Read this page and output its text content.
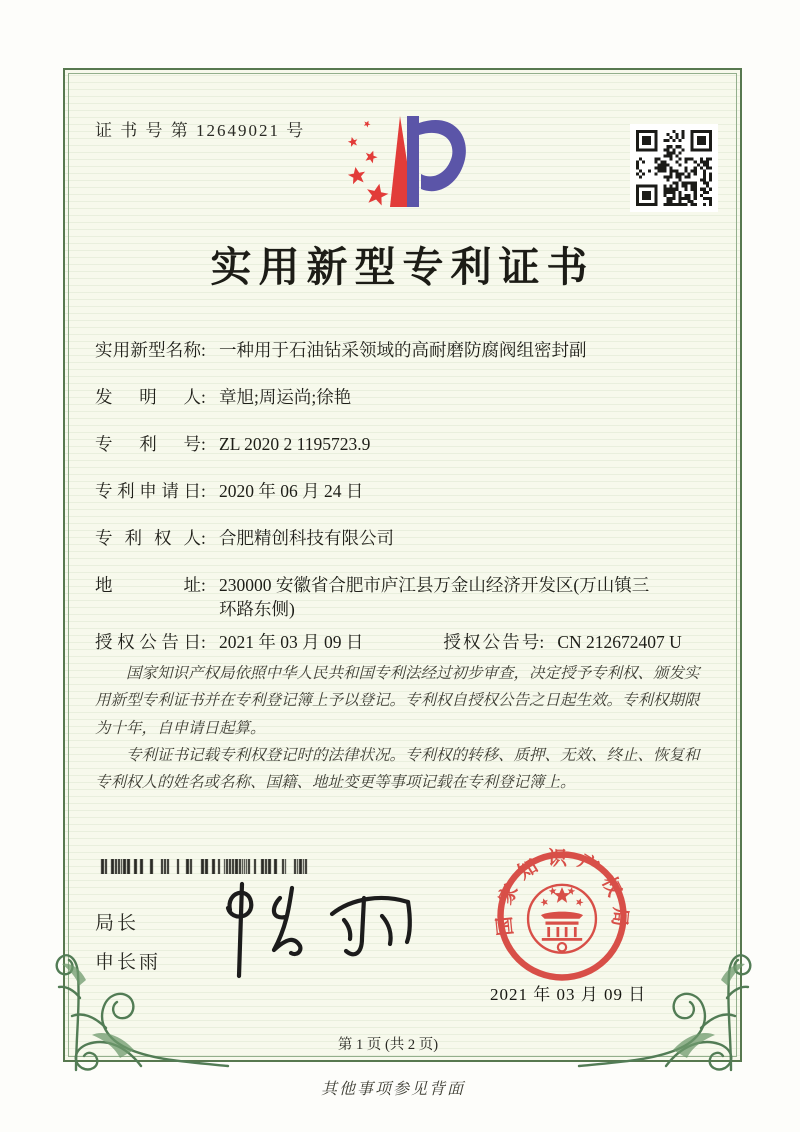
证 书 号 第 12649021 号
实用新型专利证书
实用新型名称 : 一种用于石油钻采领域的高耐磨防腐阀组密封副
发明人 : 章旭;周运尚;徐艳
专利号 : ZL 2020 2 1195723.9
专利申请日 : 2020 年 06 月 24 日
专利权人 : 合肥精创科技有限公司
地址 : 230000 安徽省合肥市庐江县万金山经济开发区(万山镇三环路东侧)
授权公告日 : 2021 年 03 月 09 日	授权公告号 : CN 212672407 U

国家知识产权局依照中华人民共和国专利法经过初步审查，决定授予专利权、颁发实用新型专利证书并在专利登记簿上予以登记。专利权自授权公告之日起生效。专利权期限为十年，自申请日起算。

专利证书记载专利权登记时的法律状况。专利权的转移、质押、无效、终止、恢复和专利权人的姓名或名称、国籍、地址变更等事项记载在专利登记簿上。

局长
申长雨
国家知识产权局
2021 年 03 月 09 日
第 1 页 (共 2 页)
其他事项参见背面
